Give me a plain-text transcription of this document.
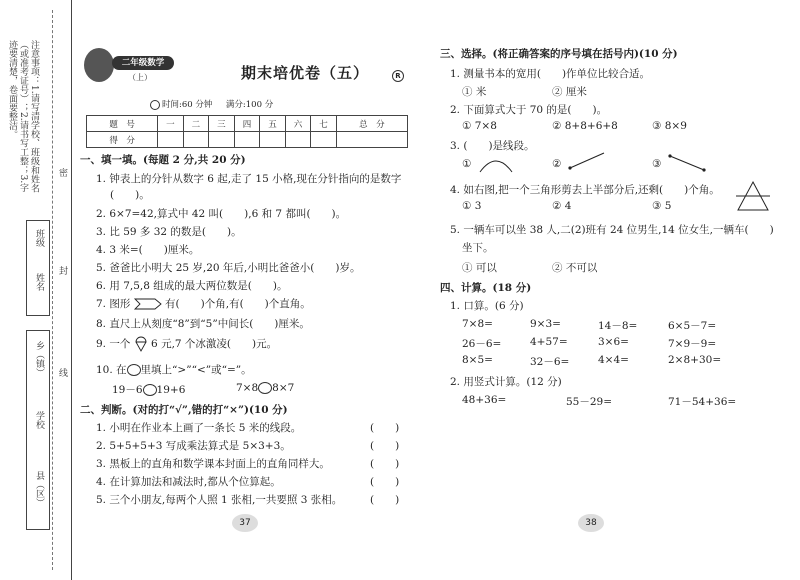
注意事项：1.请写清学校、班级和姓名（或准考证号）；2.请书写工整；3.字迹要清楚，卷面要整洁。
班级
姓名
乡（镇）
学校
县（区）
密
封
线
二年级数学
（上）	期末培优卷（五）	R
时间:60 分钟 满分:100 分
题　号	一	二	三	四	五	六	七	总　分
得　分								
一、填一填。(每题 2 分,共 20 分)
1. 钟表上的分针从数字 6 起,走了 15 小格,现在分针指向的是数字
(　　)。
2. 6×7=42,算式中 42 叫(　　),6 和 7 都叫(　　)。
3. 比 59 多 32 的数是(　　)。
4. 3 米=(　　)厘米。
5. 爸爸比小明大 25 岁,20 年后,小明比爸爸小(　　)岁。
6. 用 7,5,8 组成的最大两位数是(　　)。
7. 图形	有(　　)个角,有(　　)个直角。
8. 直尺上从刻度“8”到“5”中间长(　　)厘米。
9. 一个 6 元,7 个冰激凌(　　)元。
10. 在 里填上“>”“<”或“=”。
19－6 19+6	7×8 8×7
二、判断。(对的打“√”,错的打“×”)(10 分)
1. 小明在作业本上画了一条长 5 米的线段。	(　　)
2. 5+5+5+3 写成乘法算式是 5×3+3。	(　　)
3. 黑板上的直角和数学课本封面上的直角同样大。	(　　)
4. 在计算加法和减法时,都从个位算起。	(　　)
5. 三个小朋友,每两个人照 1 张相,一共要照 3 张相。	(　　)
37
三、选择。(将正确答案的序号填在括号内)(10 分)
1. 测量书本的宽用(　　)作单位比较合适。
① 米	② 厘米
2. 下面算式大于 70 的是(　　)。
① 7×8	② 8+8+6+8	③ 8×9
3. (　　)是线段。
①	②	③
4. 如右图,把一个三角形剪去上半部分后,还剩(　　)个角。
① 3	② 4	③ 5
5. 一辆车可以坐 38 人,二(2)班有 24 位男生,14 位女生,一辆车(　　)
坐下。
① 可以	② 不可以
四、计算。(18 分)
1. 口算。(6 分)
7×8=	9×3=	14－8=	6×5－7=
26－6=	4+57=	3×6=	7×9－9=
8×5=	32－6=	4×4=	2×8+30=
2. 用竖式计算。(12 分)
48+36=	55－29=	71－54+36=
38
